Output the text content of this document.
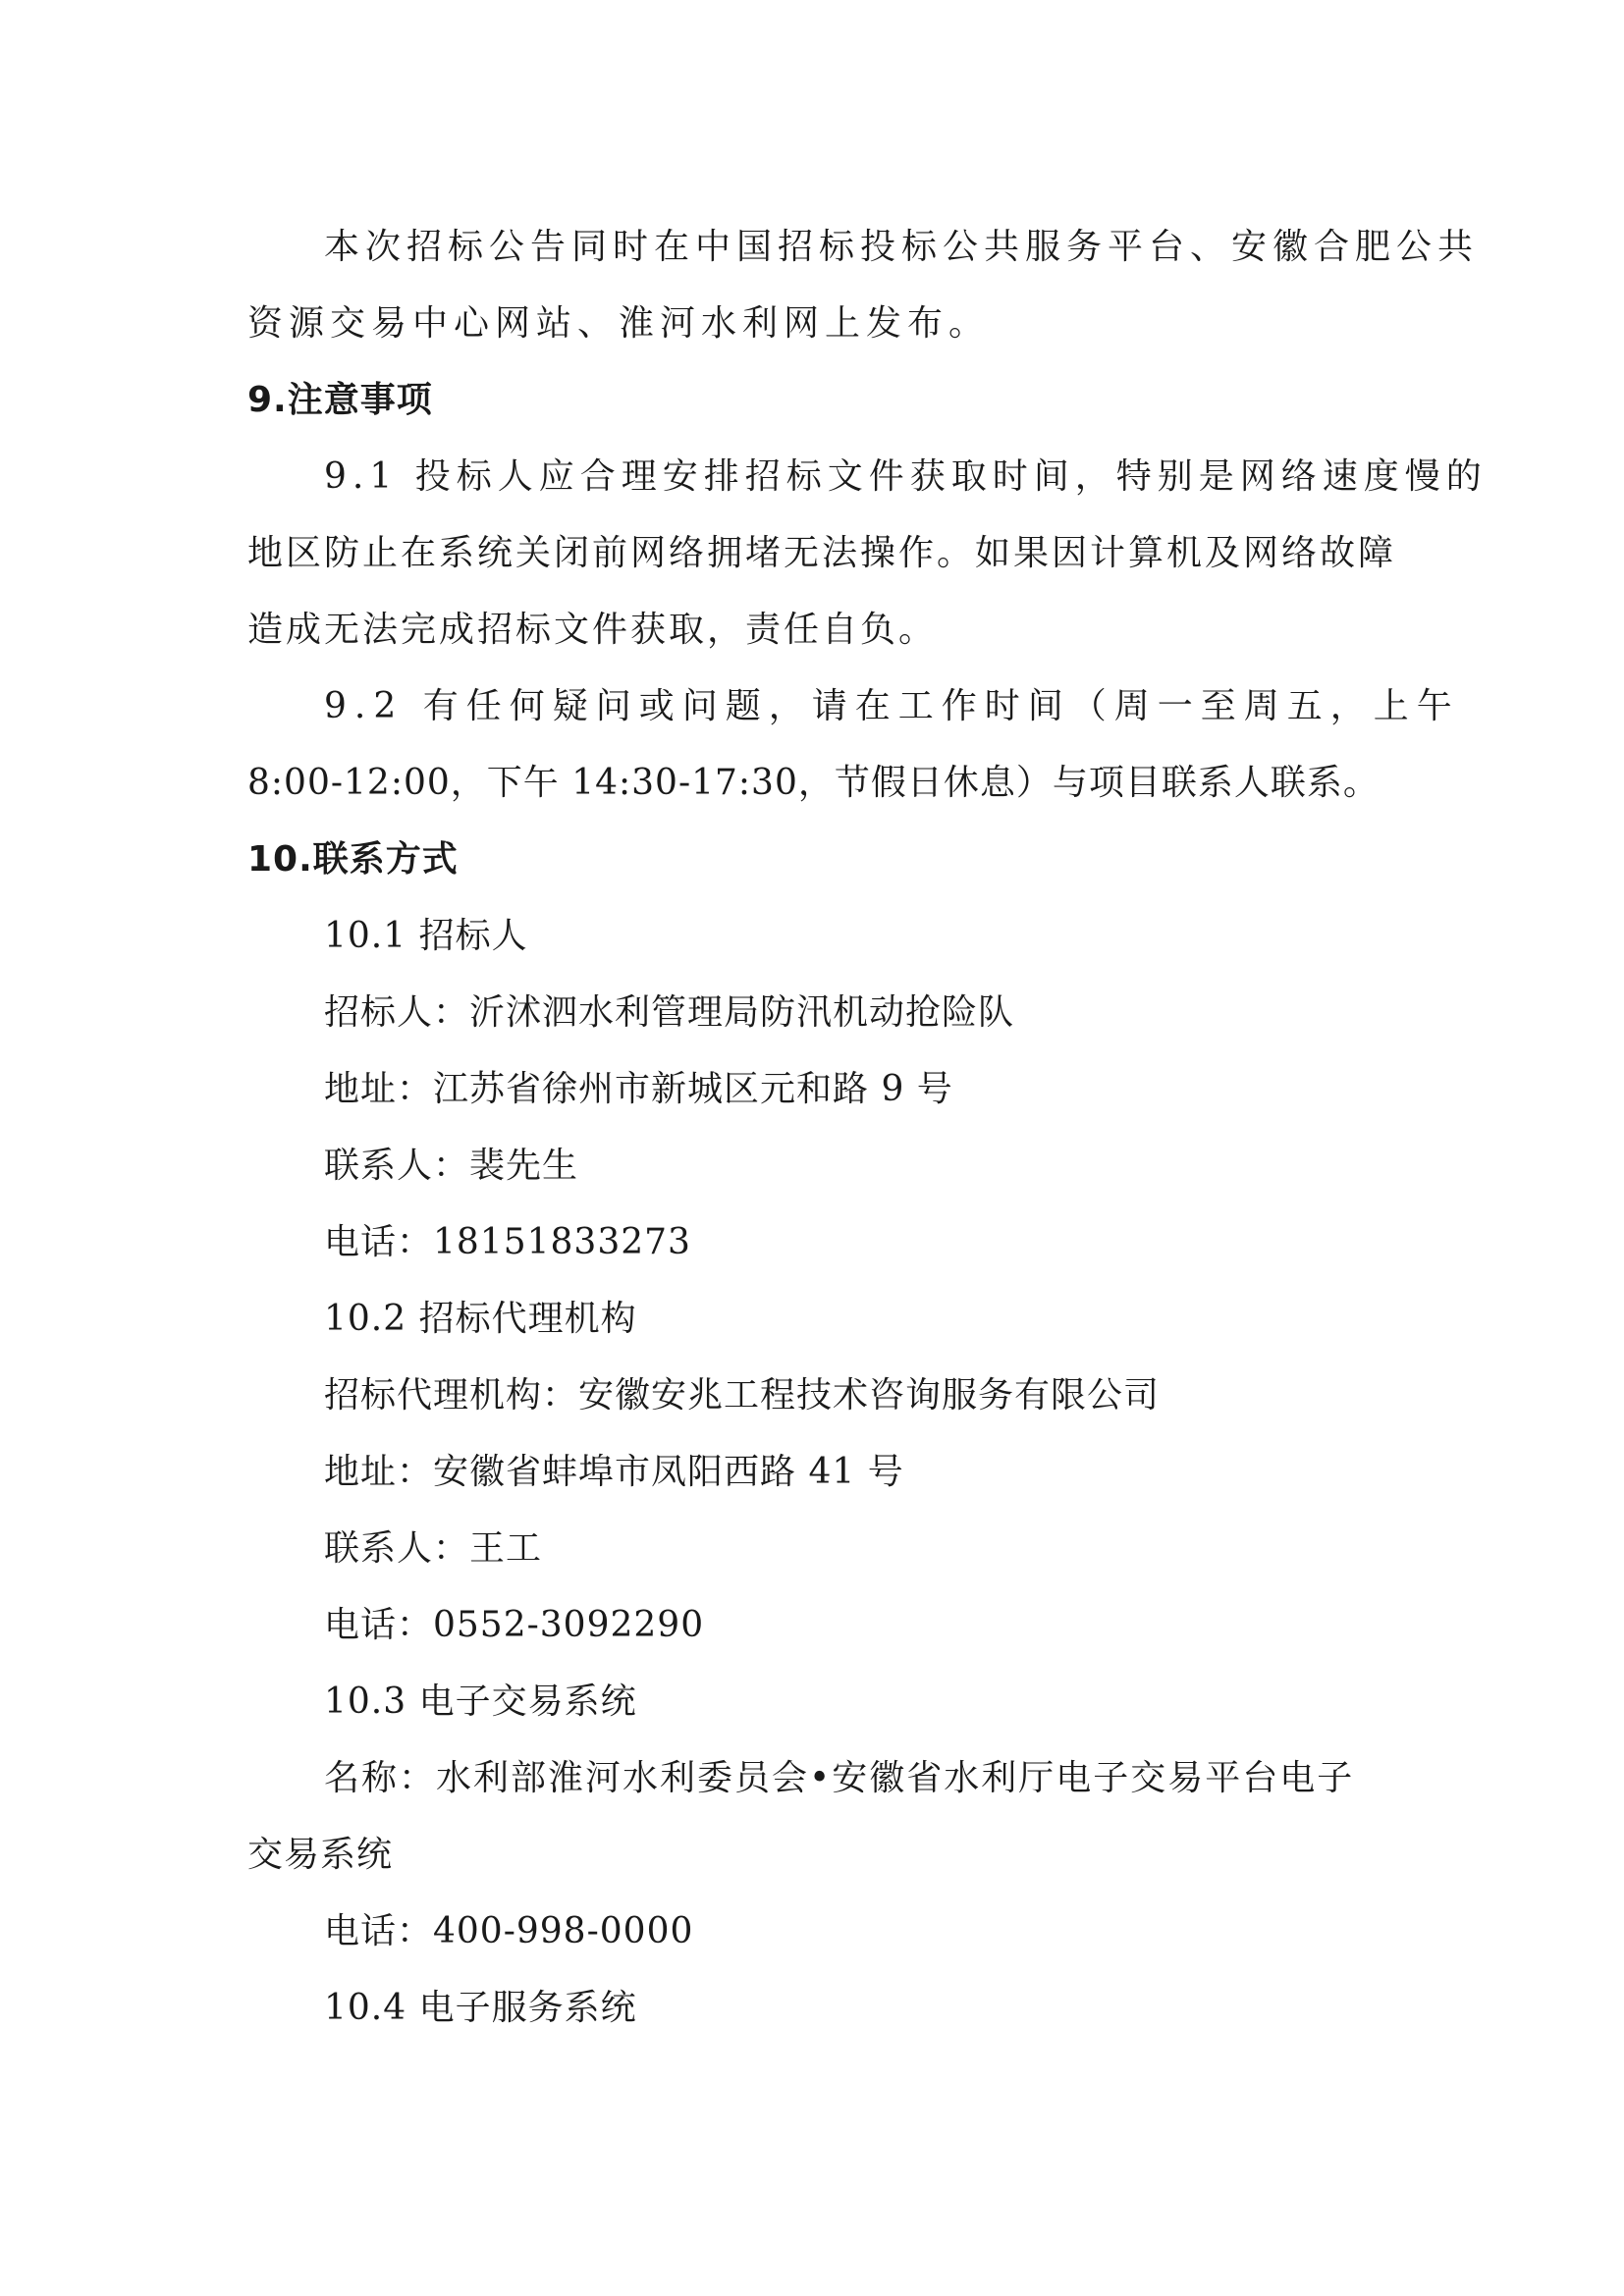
本次招标公告同时在中国招标投标公共服务平台、安徽合肥公共
资源交易中心网站、淮河水利网上发布。
9.注意事项
9.1 投标人应合理安排招标文件获取时间，特别是网络速度慢的
地区防止在系统关闭前网络拥堵无法操作。如果因计算机及网络故障
造成无法完成招标文件获取，责任自负。
9.2 有任何疑问或问题，请在工作时间（周一至周五，上午
8:00-12:00，下午 14:30-17:30，节假日休息）与项目联系人联系。
10.联系方式
10.1 招标人
招标人：沂沭泗水利管理局防汛机动抢险队
地址：江苏省徐州市新城区元和路 9 号
联系人：裴先生
电话：18151833273
10.2 招标代理机构
招标代理机构：安徽安兆工程技术咨询服务有限公司
地址：安徽省蚌埠市凤阳西路 41 号
联系人：王工
电话：0552-3092290
10.3 电子交易系统
名称：水利部淮河水利委员会•安徽省水利厅电子交易平台电子
交易系统
电话：400-998-0000
10.4 电子服务系统
